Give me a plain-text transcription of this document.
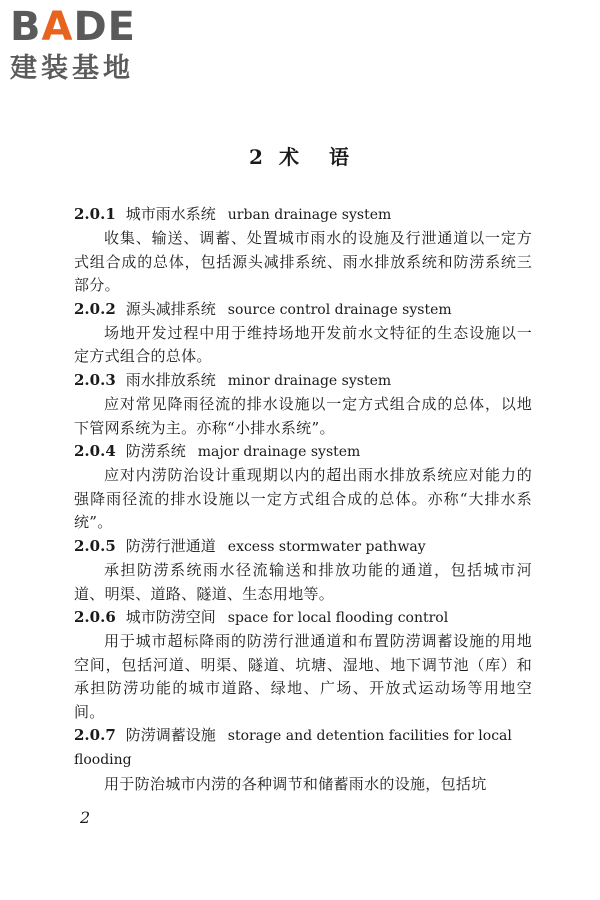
BADE
建装基地
2 术 语
2.0.1 城市雨水系统 urban drainage system
收集、输送、调蓄、处置城市雨水的设施及行泄通道以一定方式组合成的总体，包括源头减排系统、雨水排放系统和防涝系统三部分。
2.0.2 源头减排系统 source control drainage system
场地开发过程中用于维持场地开发前水文特征的生态设施以一定方式组合的总体。
2.0.3 雨水排放系统 minor drainage system
应对常见降雨径流的排水设施以一定方式组合成的总体，以地下管网系统为主。亦称“小排水系统”。
2.0.4 防涝系统 major drainage system
应对内涝防治设计重现期以内的超出雨水排放系统应对能力的强降雨径流的排水设施以一定方式组合成的总体。亦称“大排水系统”。
2.0.5 防涝行泄通道 excess stormwater pathway
承担防涝系统雨水径流输送和排放功能的通道，包括城市河道、明渠、道路、隧道、生态用地等。
2.0.6 城市防涝空间 space for local flooding control
用于城市超标降雨的防涝行泄通道和布置防涝调蓄设施的用地空间，包括河道、明渠、隧道、坑塘、湿地、地下调节池（库）和承担防涝功能的城市道路、绿地、广场、开放式运动场等用地空间。
2.0.7 防涝调蓄设施 storage and detention facilities for local flooding
用于防治城市内涝的各种调节和储蓄雨水的设施，包括坑
2
